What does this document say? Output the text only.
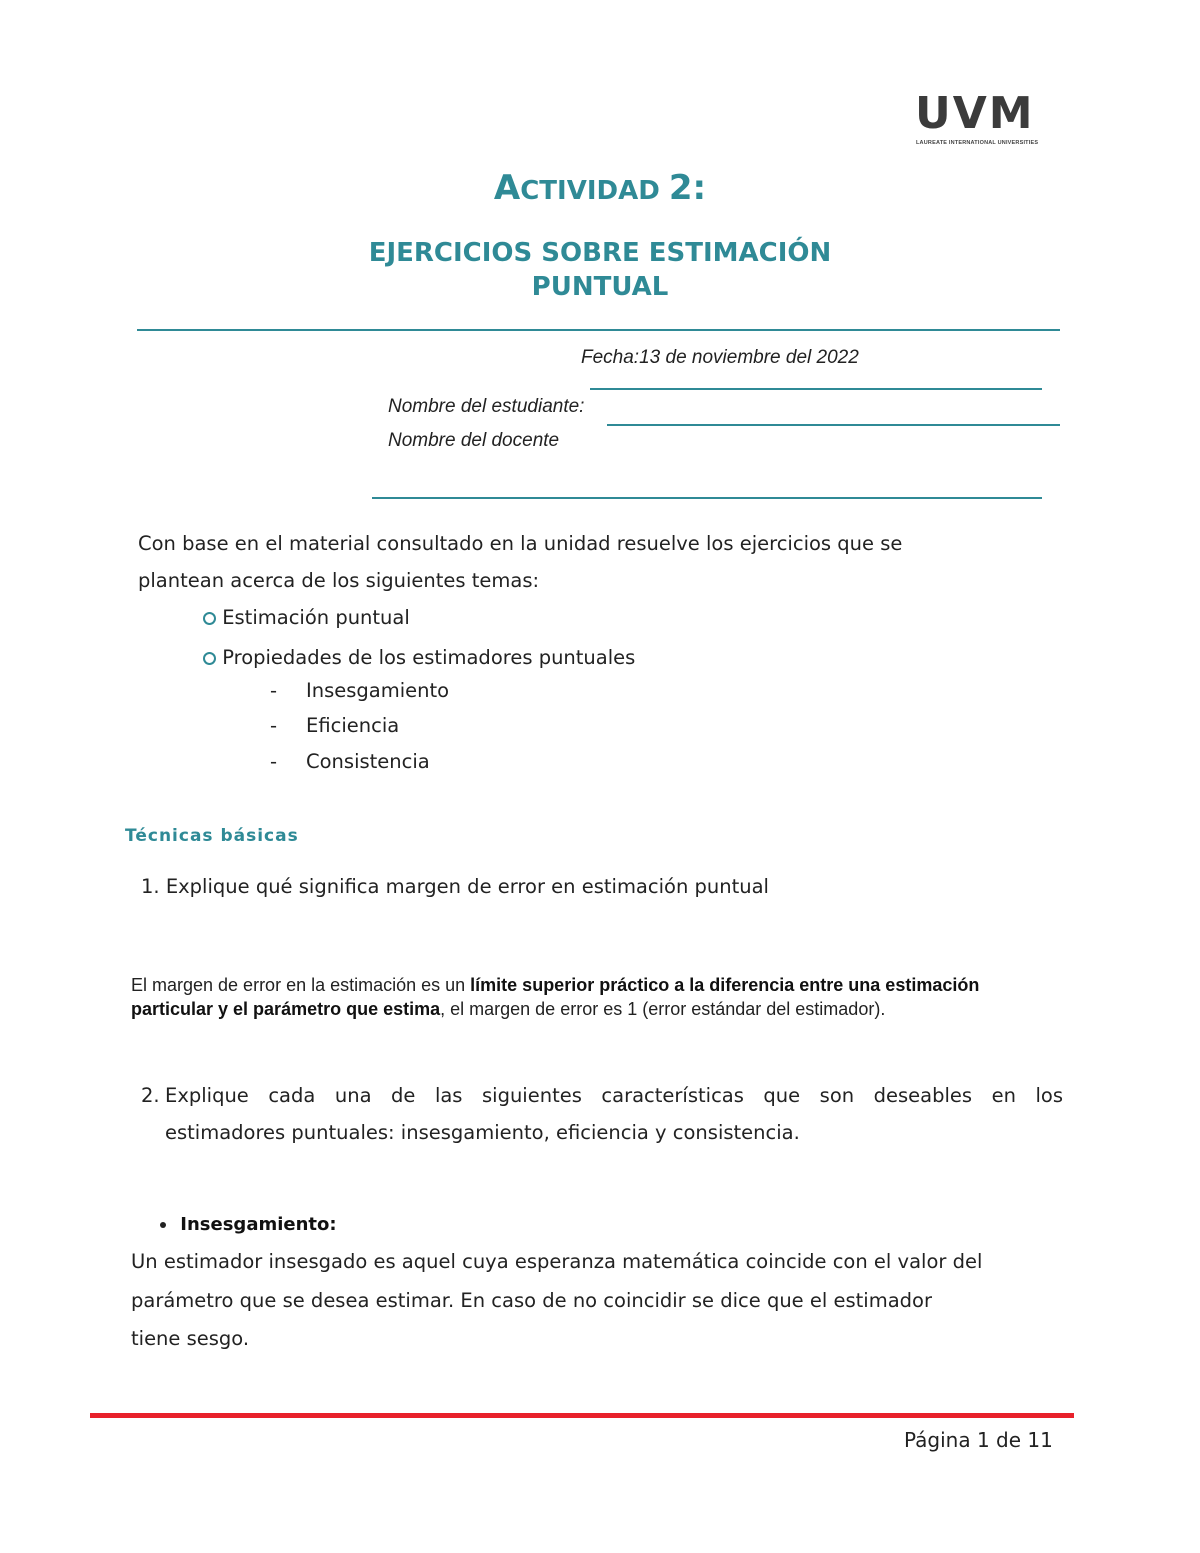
UVM
LAUREATE INTERNATIONAL UNIVERSITIES
ACTIVIDAD 2:
EJERCICIOS SOBRE ESTIMACIÓN
PUNTUAL
Fecha:13 de noviembre del 2022
Nombre del estudiante:
Nombre del docente
Con base en el material consultado en la unidad resuelve los ejercicios que se
plantean acerca de los siguientes temas:
Estimación puntual
Propiedades de los estimadores puntuales
- Insesgamiento
- Eficiencia
- Consistencia
Técnicas básicas
1. Explique qué significa margen de error en estimación puntual
El margen de error en la estimación es un límite superior práctico a la diferencia entre una estimación
particular y el parámetro que estima, el margen de error es 1 (error estándar del estimador).
2. Explique cada una de las siguientes características que son deseables en los
estimadores puntuales: insesgamiento, eficiencia y consistencia.
Insesgamiento:
Un estimador insesgado es aquel cuya esperanza matemática coincide con el valor del
parámetro que se desea estimar. En caso de no coincidir se dice que el estimador
tiene sesgo.
Página 1 de 11
